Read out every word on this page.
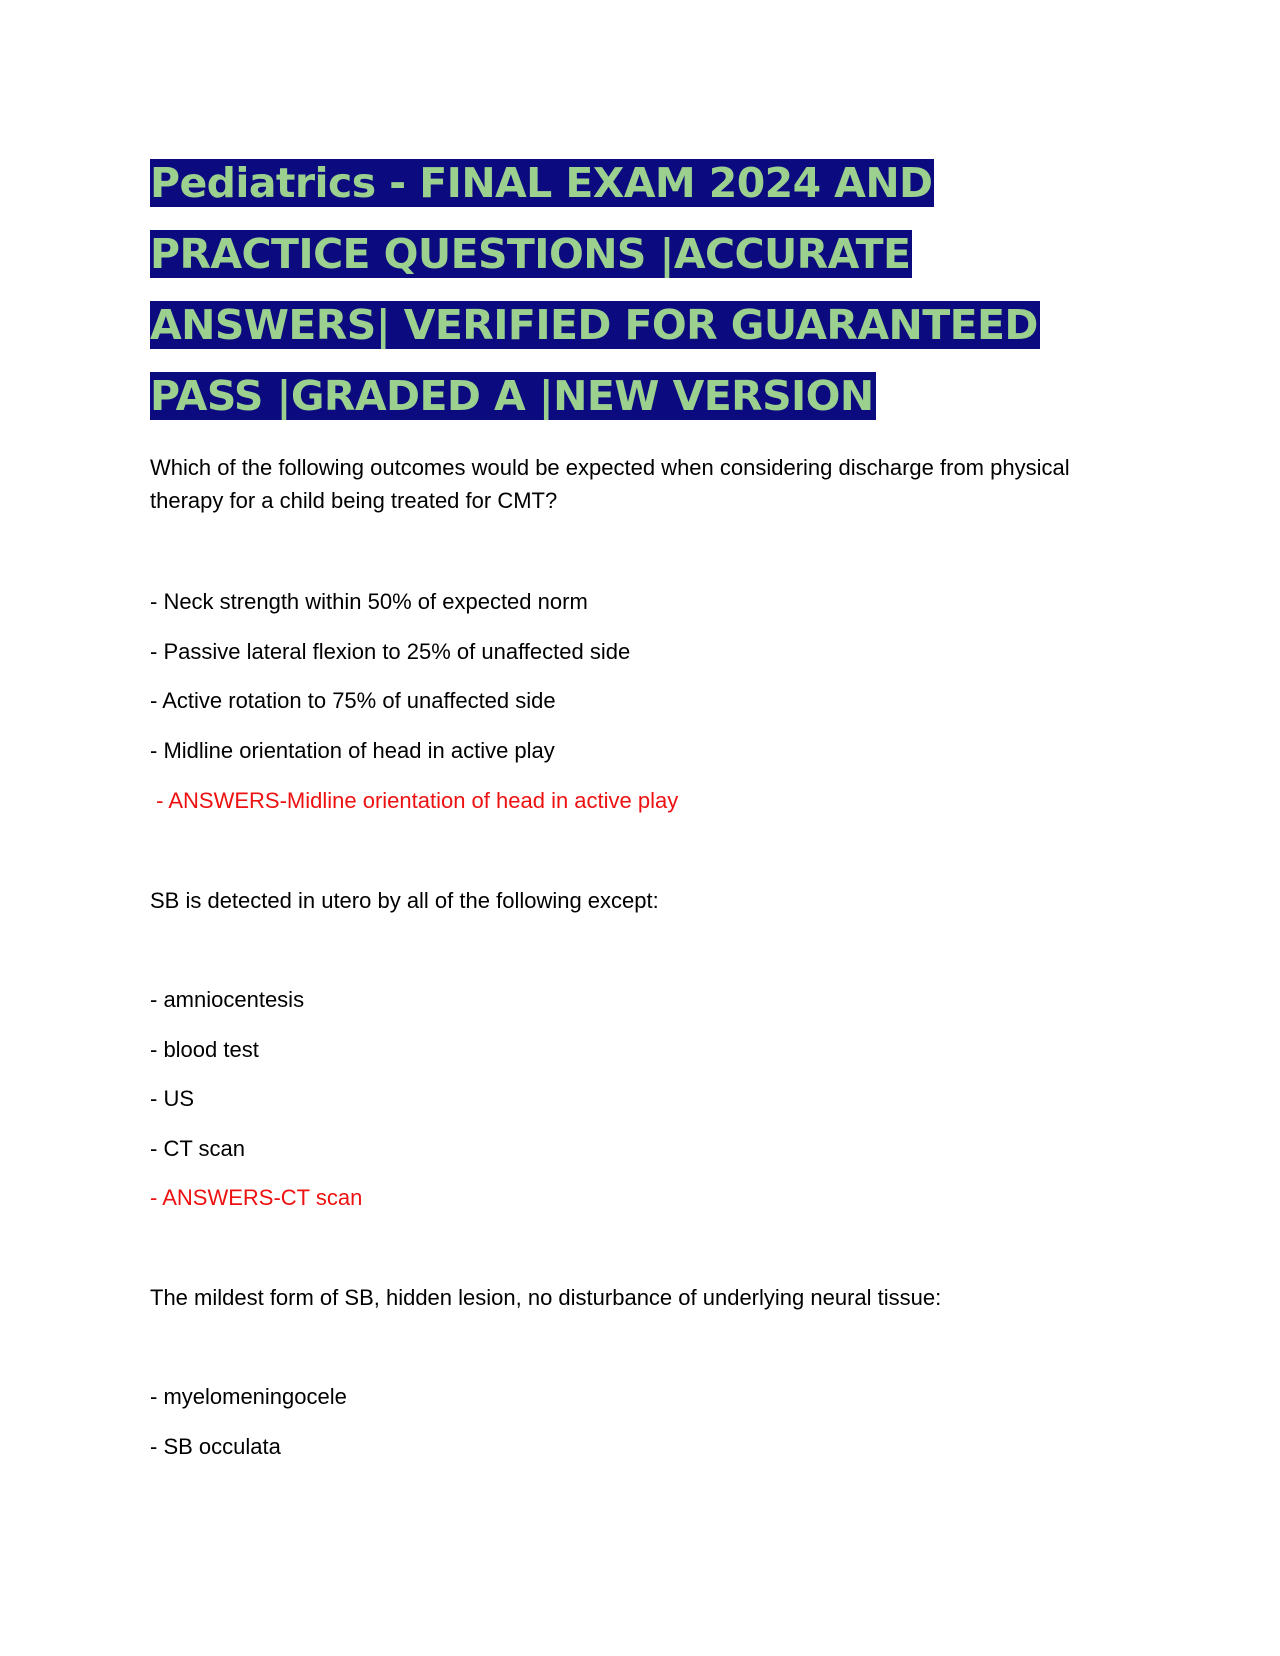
Pediatrics - FINAL EXAM 2024 AND
PRACTICE QUESTIONS |ACCURATE
ANSWERS| VERIFIED FOR GUARANTEED
PASS |GRADED A |NEW VERSION

Which of the following outcomes would be expected when considering discharge from physical therapy for a child being treated for CMT?

- Neck strength within 50% of expected norm

- Passive lateral flexion to 25% of unaffected side

- Active rotation to 75% of unaffected side

- Midline orientation of head in active play

- ANSWERS-Midline orientation of head in active play

SB is detected in utero by all of the following except:

- amniocentesis

- blood test

- US

- CT scan

- ANSWERS-CT scan

The mildest form of SB, hidden lesion, no disturbance of underlying neural tissue:

- myelomeningocele

- SB occulata
